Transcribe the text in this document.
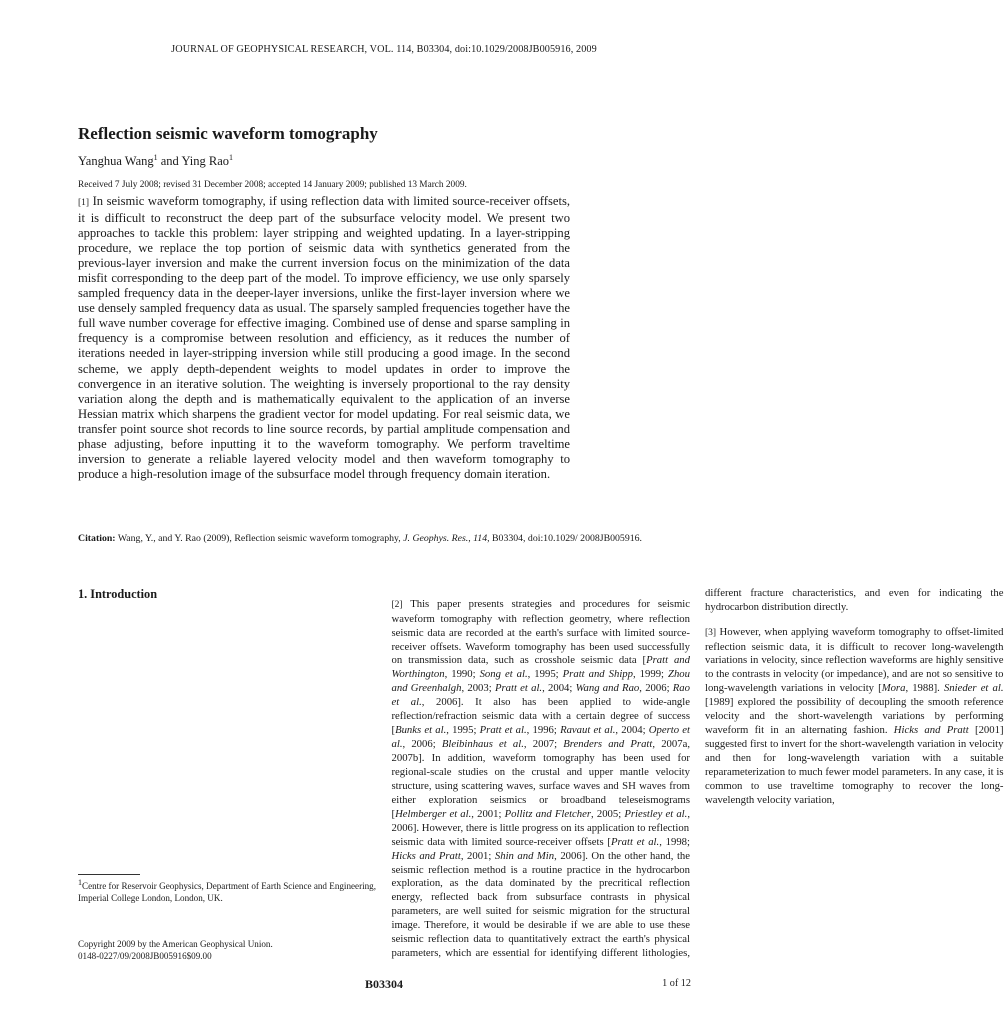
JOURNAL OF GEOPHYSICAL RESEARCH, VOL. 114, B03304, doi:10.1029/2008JB005916, 2009
Reflection seismic waveform tomography
Yanghua Wang$^1$ and Ying Rao$^1$
Received 7 July 2008; revised 31 December 2008; accepted 14 January 2009; published 13 March 2009.
[1] In seismic waveform tomography, if using reflection data with limited source-receiver offsets, it is difficult to reconstruct the deep part of the subsurface velocity model. We present two approaches to tackle this problem: layer stripping and weighted updating. In a layer-stripping procedure, we replace the top portion of seismic data with synthetics generated from the previous-layer inversion and make the current inversion focus on the minimization of the data misfit corresponding to the deep part of the model. To improve efficiency, we use only sparsely sampled frequency data in the deeper-layer inversions, unlike the first-layer inversion where we use densely sampled frequency data as usual. The sparsely sampled frequencies together have the full wave number coverage for effective imaging. Combined use of dense and sparse sampling in frequency is a compromise between resolution and efficiency, as it reduces the number of iterations needed in layer-stripping inversion while still producing a good image. In the second scheme, we apply depth-dependent weights to model updates in order to improve the convergence in an iterative solution. The weighting is inversely proportional to the ray density variation along the depth and is mathematically equivalent to the application of an inverse Hessian matrix which sharpens the gradient vector for model updating. For real seismic data, we transfer point source shot records to line source records, by partial amplitude compensation and phase adjusting, before inputting it to the waveform tomography. We perform traveltime inversion to generate a reliable layered velocity model and then waveform tomography to produce a high-resolution image of the subsurface model through frequency domain iteration.
Citation: Wang, Y., and Y. Rao (2009), Reflection seismic waveform tomography, J. Geophys. Res., 114, B03304, doi:10.1029/ 2008JB005916.
$^1$Centre for Reservoir Geophysics, Department of Earth Science and Engineering, Imperial College London, London, UK.
Copyright 2009 by the American Geophysical Union.
0148-0227/09/2008JB005916$09.00
B03304	1 of 12
1. Introduction

[2] This paper presents strategies and procedures for seismic waveform tomography with reflection geometry, where reflection seismic data are recorded at the earth's surface with limited source-receiver offsets. Waveform tomography has been used successfully on transmission data, such as crosshole seismic data [Pratt and Worthington, 1990; Song et al., 1995; Pratt and Shipp, 1999; Zhou and Greenhalgh, 2003; Pratt et al., 2004; Wang and Rao, 2006; Rao et al., 2006]. It also has been applied to wide-angle reflection/refraction seismic data with a certain degree of success [Bunks et al., 1995; Pratt et al., 1996; Ravaut et al., 2004; Operto et al., 2006; Bleibinhaus et al., 2007; Brenders and Pratt, 2007a, 2007b]. In addition, waveform tomography has been used for regional-scale studies on the crustal and upper mantle velocity structure, using scattering waves, surface waves and SH waves from either exploration seismics or broadband teleseismograms [Helmberger et al., 2001; Pollitz and Fletcher, 2005; Priestley et al., 2006]. However, there is little progress on its application to reflection
seismic data with limited source-receiver offsets [Pratt et al., 1998; Hicks and Pratt, 2001; Shin and Min, 2006]. On the other hand, the seismic reflection method is a routine practice in the hydrocarbon exploration, as the data dominated by the precritical reflection energy, reflected back from subsurface contrasts in physical parameters, are well suited for seismic migration for the structural image. Therefore, it would be desirable if we are able to use these seismic reflection data to quantitatively extract the earth's physical parameters, which are essential for identifying different lithologies, different fracture characteristics, and even for indicating the hydrocarbon distribution directly.

[3] However, when applying waveform tomography to offset-limited reflection seismic data, it is difficult to recover long-wavelength variations in velocity, since reflection waveforms are highly sensitive to the contrasts in velocity (or impedance), and are not so sensitive to long-wavelength variations in velocity [Mora, 1988]. Snieder et al. [1989] explored the possibility of decoupling the smooth reference velocity and the short-wavelength variations by performing waveform fit in an alternating fashion. Hicks and Pratt [2001] suggested first to invert for the short-wavelength variation in velocity and then for long-wavelength variation with a suitable reparameterization to much fewer model parameters. In any case, it is common to use traveltime tomography to recover the long-wavelength velocity variation,
